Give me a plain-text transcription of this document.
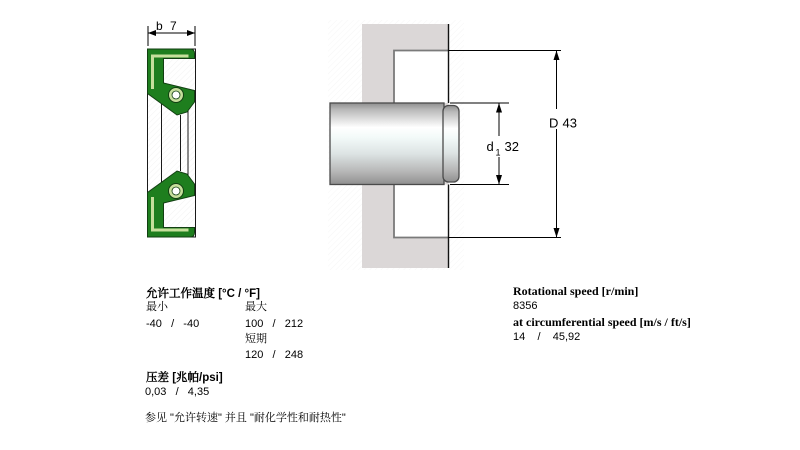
b 7
D 43
d 1 32
允许工作温度 [°C / °F]
最小	最大
-40   /   -40	100   /   212
短期
120   /   248
压差 [兆帕/psi]
0,03   /   4,35
参见 "允许转速" 并且 "耐化学性和耐热性"
Rotational speed [r/min]
8356
at circumferential speed [m/s / ft/s]
14    /    45,92
